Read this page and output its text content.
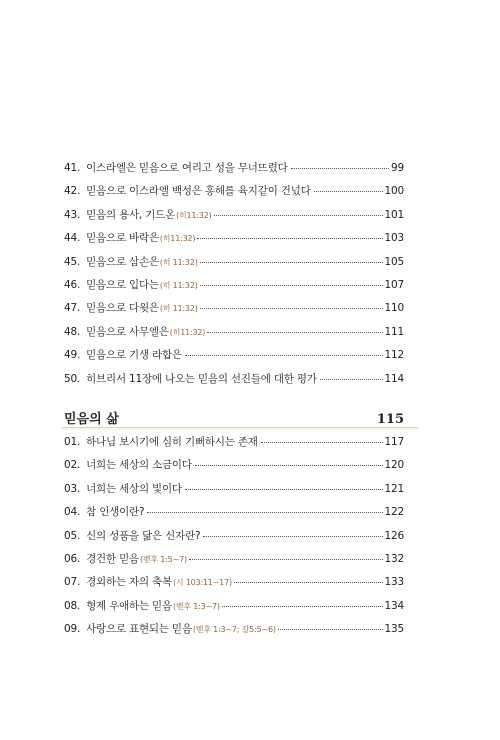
41. 이스라엘은 믿음으로 여리고 성을 무너뜨렸다	99
42. 믿음으로 이스라엘 백성은 홍해를 육지같이 건넜다	100
43. 믿음의 용사, 기드온 (히11:32)	101
44. 믿음으로 바락은 (히11:32)	103
45. 믿음으로 삼손은 (히 11:32)	105
46. 믿음으로 입다는 (히 11:32)	107
47. 믿음으로 다윗은 (히 11:32)	110
48. 믿음으로 사무엘은 (히11:32)	111
49. 믿음으로 기생 라합은	112
50. 히브리서 11장에 나오는 믿음의 선진들에 대한 평가	114
믿음의 삶	115
01. 하나님 보시기에 심히 기뻐하시는 존재	117
02. 너희는 세상의 소금이다	120
03. 너희는 세상의 빛이다	121
04. 참 인생이란?	122
05. 신의 성품을 닮은 신자란?	126
06. 경건한 믿음 (벧후 1:5~7)	132
07. 경외하는 자의 축복 (시 103:11~17)	133
08. 형제 우애하는 믿음 (벧후 1:3~7)	134
09. 사랑으로 표현되는 믿음 (벧후 1:3~7; 갈5:5~6)	135
